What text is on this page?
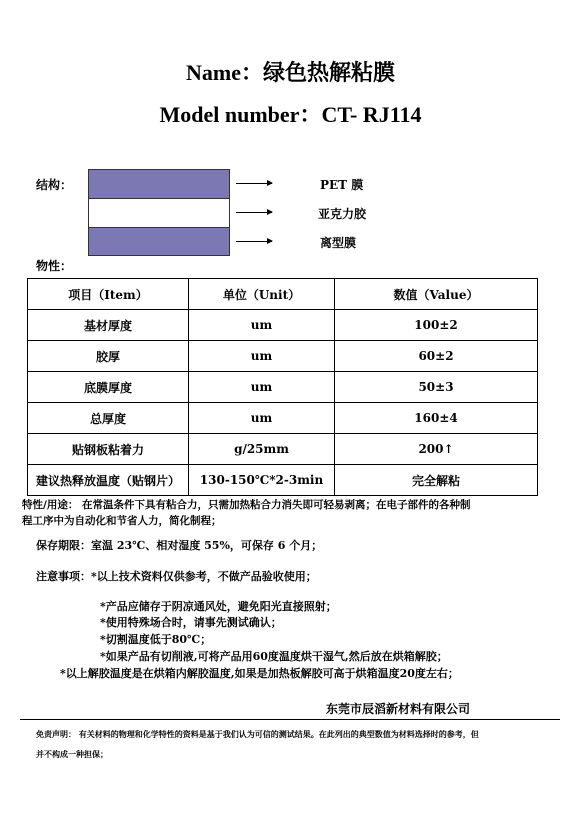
Name：绿色热解粘膜
Model number：CT- RJ114
结构：	PET 膜
亚克力胶
离型膜
物性：
项目（Item）	单位（Unit）	数值（Value）
基材厚度	um	100±2
胶厚	um	60±2
底膜厚度	um	50±3
总厚度	um	160±4
贴钢板粘着力	g/25mm	200↑
建议热释放温度（贴钢片）	130-150℃*2-3min	完全解粘
特性/用途： 在常温条件下具有粘合力，只需加热粘合力消失即可轻易剥离；在电子部件的各种制
程工序中为自动化和节省人力，简化制程；
保存期限：室温 23℃、相对湿度 55%，可保存 6 个月；
注意事项：*以上技术资料仅供参考，不做产品验收使用；
*产品应储存于阴凉通风处，避免阳光直接照射；
*使用特殊场合时，请事先测试确认；
*切割温度低于80℃；
*如果产品有切削液,可将产品用60度温度烘干湿气,然后放在烘箱解胶；
*以上解胶温度是在烘箱内解胶温度,如果是加热板解胶可高于烘箱温度20度左右；
东莞市辰滔新材料有限公司
免责声明： 有关材料的物理和化学特性的资料是基于我们认为可信的测试结果。在此列出的典型数值为材料选择时的参考，但
并不构成一种担保；
